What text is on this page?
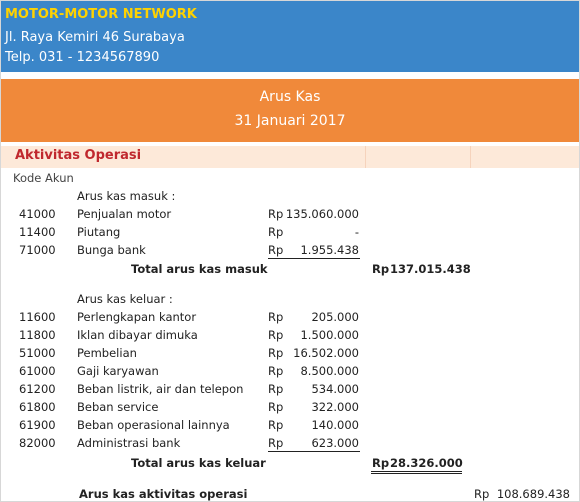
MOTOR-MOTOR NETWORK
Jl. Raya Kemiri 46 Surabaya
Telp. 031 - 1234567890
Arus Kas
31 Januari 2017
Aktivitas Operasi
Kode Akun
Arus kas masuk :
41000 Penjualan motor	Rp 135.060.000
11400 Piutang	Rp	-
71000 Bunga bank	Rp	1.955.438
Total arus kas masuk	Rp 137.015.438
Arus kas keluar :
11600 Perlengkapan kantor	Rp	205.000
11800 Iklan dibayar dimuka	Rp	1.500.000
51000 Pembelian	Rp 16.502.000
61000 Gaji karyawan	Rp	8.500.000
61200 Beban listrik, air dan telepon Rp	534.000
61800 Beban service	Rp	322.000
61900 Beban operasional lainnya	Rp	140.000
82000 Administrasi bank	Rp	623.000
Total arus kas keluar	Rp 28.326.000
Arus kas aktivitas operasi	Rp 108.689.438
